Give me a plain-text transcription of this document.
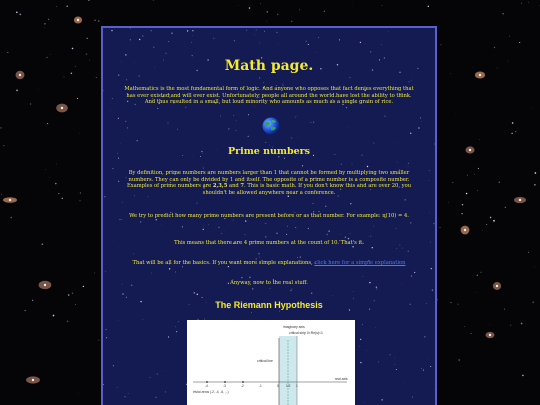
Math page.

Mathematics is the most fundamental form of logic. And anyone who opposes that fact denies everything that has ever existed,and will ever exist. Unfortunately, people all around the world have lost the ability to think. And thus resulted in a small, but loud minority who amounts as much as a single grain of rice.

Prime numbers

By definition, prime numbers are numbers larger than 1 that cannot be formed by multiplying two smaller numbers. They can only be divided by 1 and itself. The opposite of a prime number is a composite number. Examples of prime numbers are 2,3,5 and 7. This is basic math. If you don't know this and are over 20, you shouldn't be allowed anywhere near a conference.

We try to predict how many prime numbers are present before or as that number. For example: π(10) = 4.

This means that there are 4 prime numbers at the count of 10. That's it.

That will be all for the basics. If you want more simple explanations, click here for a simple explanation

Anyway, now to the real stuff.

The Riemann Hypothesis
imaginary axis
critical strip 0<Re(s)<1
critical line
real axis
trivial zeros (-2, -4, -6, ...)
-4	-3	-2	-1	0 1/2 1
